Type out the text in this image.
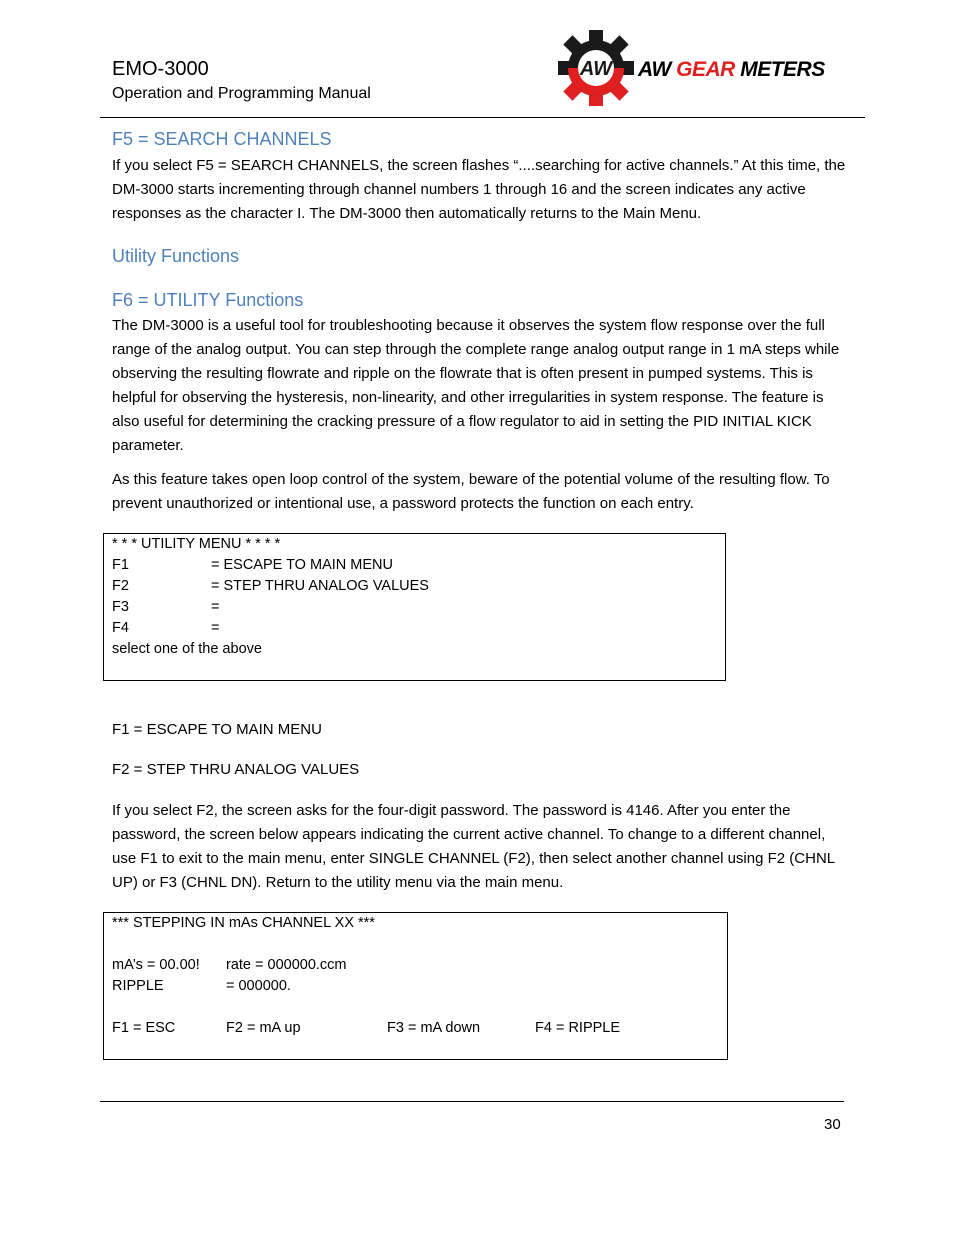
EMO-3000
Operation and Programming Manual
AW AW GEAR METERS
F5 = SEARCH CHANNELS

If you select F5 = SEARCH CHANNELS, the screen flashes “....searching for active channels.” At this time, the DM-3000 starts incrementing through channel numbers 1 through 16 and the screen indicates any active responses as the character I. The DM-3000 then automatically returns to the Main Menu.

Utility Functions
F6 = UTILITY Functions

The DM-3000 is a useful tool for troubleshooting because it observes the system flow response over the full range of the analog output. You can step through the complete range analog output range in 1 mA steps while observing the resulting flowrate and ripple on the flowrate that is often present in pumped systems. This is helpful for observing the hysteresis, non-linearity, and other irregularities in system response. The feature is also useful for determining the cracking pressure of a flow regulator to aid in setting the PID INITIAL KICK parameter.

As this feature takes open loop control of the system, beware of the potential volume of the resulting flow. To prevent unauthorized or intentional use, a password protects the function on each entry.

* * * UTILITY MENU * * * *
F1	= ESCAPE TO MAIN MENU
F2	= STEP THRU ANALOG VALUES
F3	=
F4	=
select one of the above
F1 = ESCAPE TO MAIN MENU
F2 = STEP THRU ANALOG VALUES

If you select F2, the screen asks for the four-digit password. The password is 4146. After you enter the password, the screen below appears indicating the current active channel. To change to a different channel, use F1 to exit to the main menu, enter SINGLE CHANNEL (F2), then select another channel using F2 (CHNL UP) or F3 (CHNL DN). Return to the utility menu via the main menu.

*** STEPPING IN mAs CHANNEL XX ***
mA’s = 00.00! rate = 000000.ccm
RIPPLE	= 000000.
F1 = ESC	F2 = mA up	F3 = mA down	F4 = RIPPLE
30
